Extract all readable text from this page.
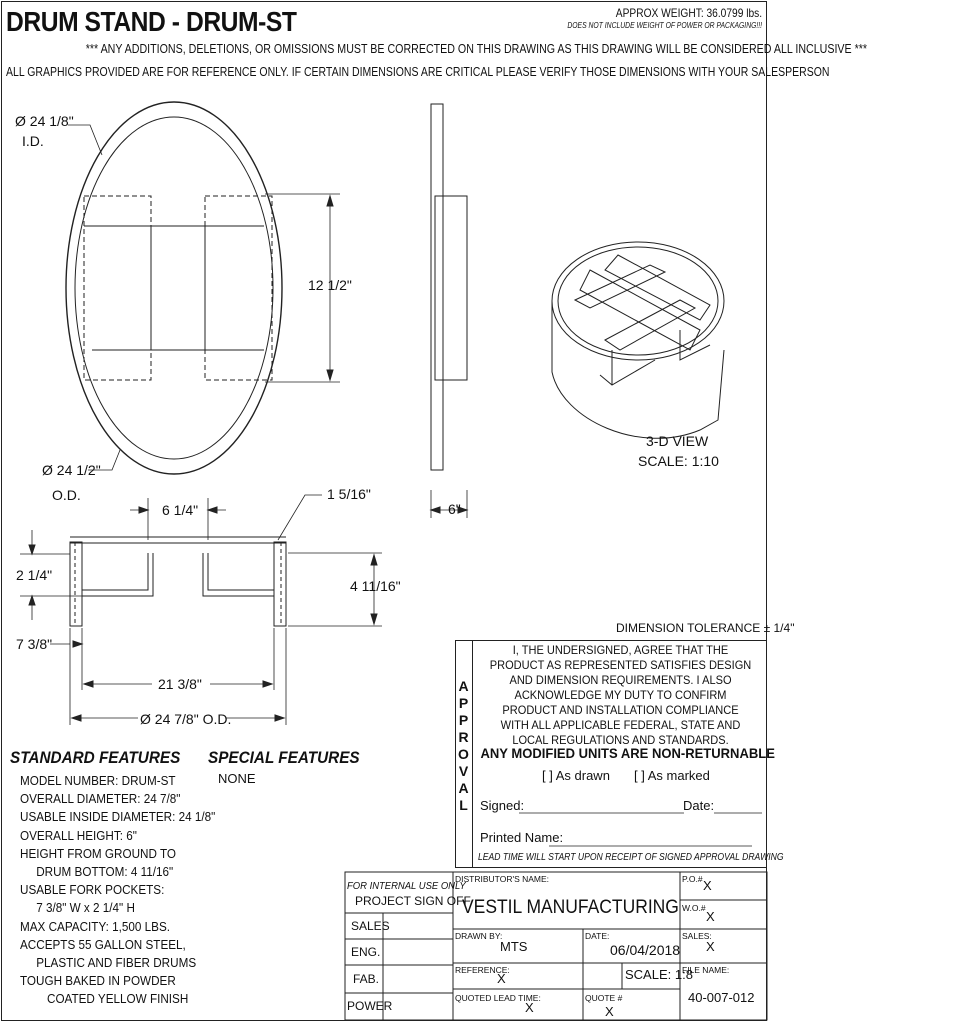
DRUM STAND - DRUM-ST	APPROX WEIGHT: 36.0799 lbs.
DOES NOT INCLUDE WEIGHT OF POWER OR PACKAGING!!!
*** ANY ADDITIONS, DELETIONS, OR OMISSIONS MUST BE CORRECTED ON THIS DRAWING AS THIS DRAWING WILL BE CONSIDERED ALL INCLUSIVE ***
ALL GRAPHICS PROVIDED ARE FOR REFERENCE ONLY. IF CERTAIN DIMENSIONS ARE CRITICAL PLEASE VERIFY THOSE DIMENSIONS WITH YOUR SALESPERSON
Ø 24 1/8"
I.D.
Ø 24 1/2"
O.D.
12 1/2"
6"
6 1/4"
1 5/16"
2 1/4"
4 11/16"
7 3/8"
21 3/8"
Ø 24 7/8" O.D.
3-D VIEW
SCALE: 1:10
DIMENSION TOLERANCE ± 1/4"
STANDARD FEATURES SPECIAL FEATURES
NONE
MODEL NUMBER: DRUM-ST
OVERALL DIAMETER: 24 7/8"
USABLE INSIDE DIAMETER: 24 1/8"
OVERALL HEIGHT: 6"
HEIGHT FROM GROUND TO
DRUM BOTTOM: 4 11/16"
USABLE FORK POCKETS:
7 3/8" W x 2 1/4" H
MAX CAPACITY: 1,500 LBS.
ACCEPTS 55 GALLON STEEL,
PLASTIC AND FIBER DRUMS
TOUGH BAKED IN POWDER
COATED YELLOW FINISH
A
P
P
R
O
V
A
L
I, THE UNDERSIGNED, AGREE THAT THE PRODUCT AS REPRESENTED SATISFIES DESIGN AND DIMENSION REQUIREMENTS. I ALSO ACKNOWLEDGE MY DUTY TO CONFIRM PRODUCT AND INSTALLATION COMPLIANCE WITH ALL APPLICABLE FEDERAL, STATE AND LOCAL REGULATIONS AND STANDARDS.
ANY MODIFIED UNITS ARE NON-RETURNABLE
[ ] As drawn [ ] As marked
Signed:	Date:
Printed Name:
LEAD TIME WILL START UPON RECEIPT OF SIGNED APPROVAL DRAWING
FOR INTERNAL USE ONLY
PROJECT SIGN OFF
SALES
ENG.
FAB.
POWER
DISTRIBUTOR'S NAME:
VESTIL MANUFACTURING
P.O.# X
W.O.#
X
DRAWN BY:
MTS
DATE:
06/04/2018
SALES:
X
REFERENCE:
X	SCALE: 1:8
FILE NAME:
40-007-012
QUOTED LEAD TIME:
X
QUOTE #
X
